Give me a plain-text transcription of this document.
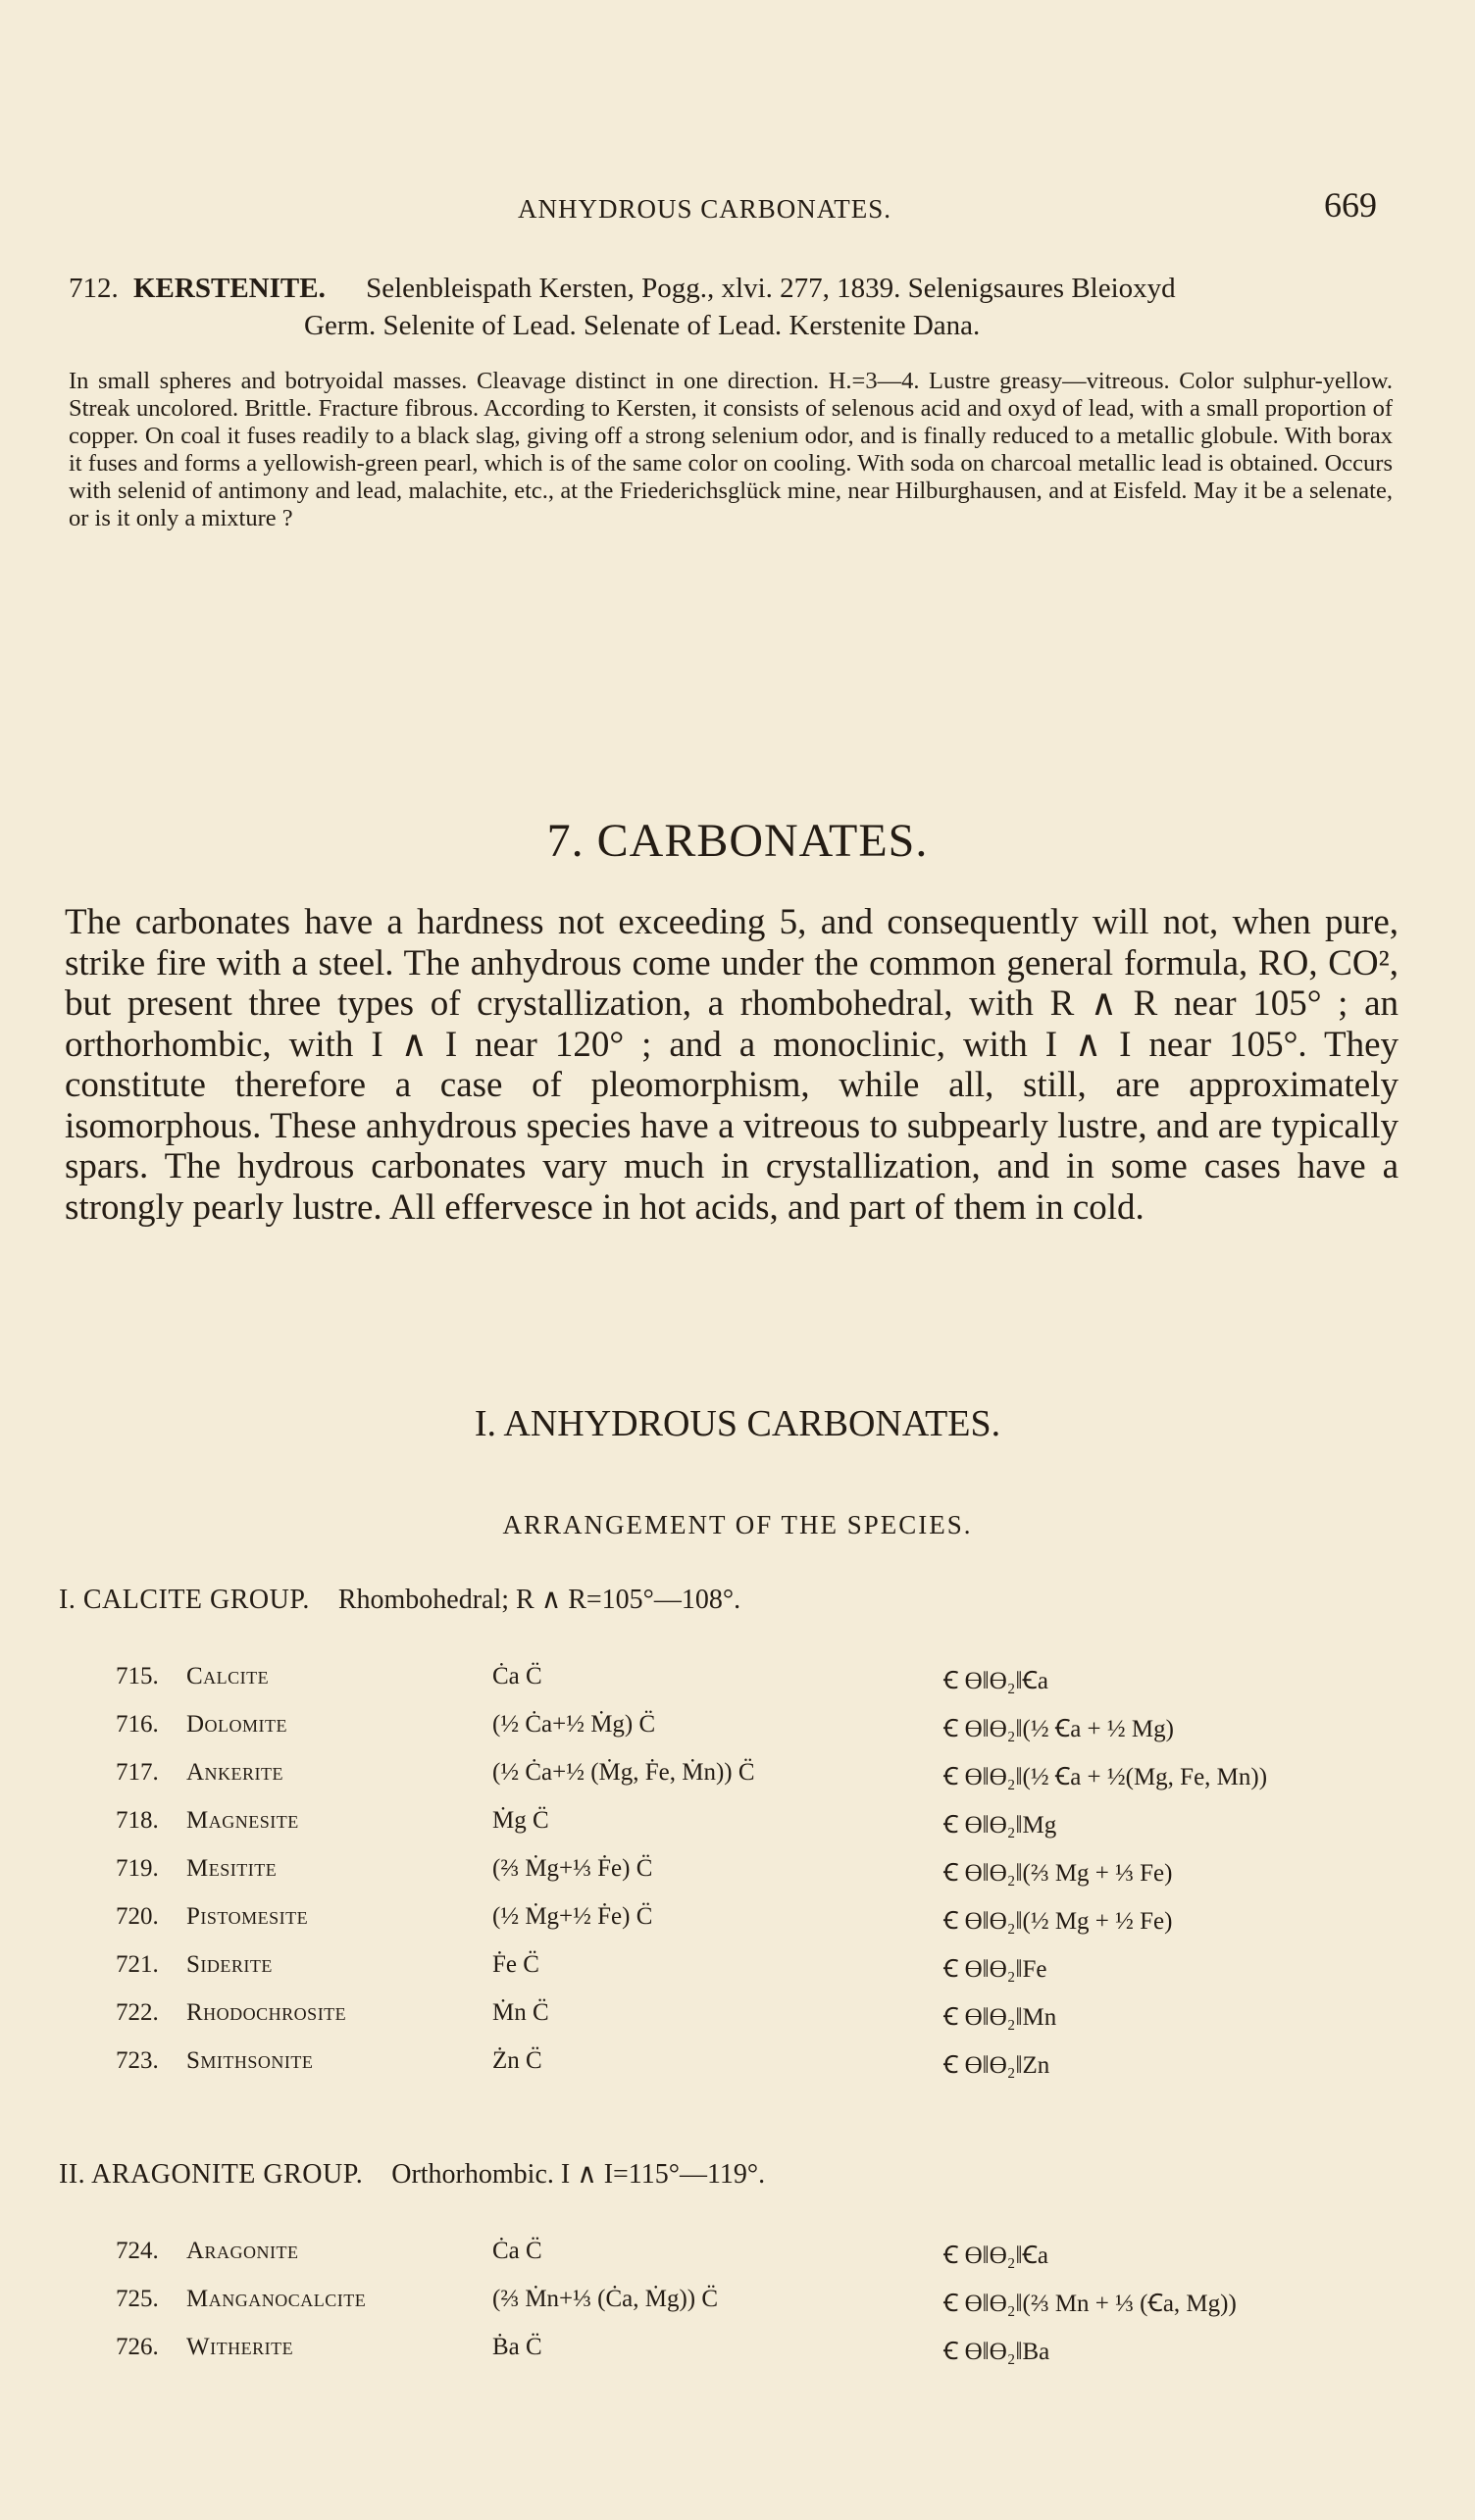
ANHYDROUS CARBONATES.	669
712. KERSTENITE. Selenbleispath Kersten, Pogg., xlvi. 277, 1839. Selenigsaures Bleioxyd
Germ. Selenite of Lead. Selenate of Lead. Kerstenite Dana.
In small spheres and botryoidal masses. Cleavage distinct in one direction. H.=3—4. Lustre greasy—vitreous. Color sulphur-yellow. Streak uncolored. Brittle. Fracture fibrous. According to Kersten, it consists of selenous acid and oxyd of lead, with a small proportion of copper. On coal it fuses readily to a black slag, giving off a strong selenium odor, and is finally reduced to a metallic globule. With borax it fuses and forms a yellowish-green pearl, which is of the same color on cooling. With soda on charcoal metallic lead is obtained. Occurs with selenid of antimony and lead, malachite, etc., at the Friederichsglück mine, near Hilburghausen, and at Eisfeld. May it be a selenate, or is it only a mixture ?
7. CARBONATES.
The carbonates have a hardness not exceeding 5, and consequently will not, when pure, strike fire with a steel. The anhydrous come under the common general formula, RO, CO², but present three types of crystallization, a rhombohedral, with R ∧ R near 105° ; an orthorhombic, with I ∧ I near 120° ; and a monoclinic, with I ∧ I near 105°. They constitute therefore a case of pleomorphism, while all, still, are approximately isomorphous. These anhydrous species have a vitreous to subpearly lustre, and are typically spars. The hydrous carbonates vary much in crystallization, and in some cases have a strongly pearly lustre. All effervesce in hot acids, and part of them in cold.
I. ANHYDROUS CARBONATES.
ARRANGEMENT OF THE SPECIES.
I. CALCITE GROUP. Rhombohedral; R ∧ R=105°—108°.
715. Calcite	Ċa C̈	Ꞓ Ɵ‖Ɵ₂‖Ꞓa
716. Dolomite	(½ Ċa+½ Ṁg) C̈	Ꞓ Ɵ‖Ɵ₂‖(½ Ꞓa + ½ Mg)
717. Ankerite	(½ Ċa+½ (Ṁg, Ḟe, Ṁn)) C̈	Ꞓ Ɵ‖Ɵ₂‖(½ Ꞓa + ½(Mg, Fe, Mn))
718. Magnesite	Ṁg C̈	Ꞓ Ɵ‖Ɵ₂‖Mg
719. Mesitite	(⅔ Ṁg+⅓ Ḟe) C̈	Ꞓ Ɵ‖Ɵ₂‖(⅔ Mg + ⅓ Fe)
720. Pistomesite	(½ Ṁg+½ Ḟe) C̈	Ꞓ Ɵ‖Ɵ₂‖(½ Mg + ½ Fe)
721. Siderite	Ḟe C̈	Ꞓ Ɵ‖Ɵ₂‖Fe
722. Rhodochrosite	Ṁn C̈	Ꞓ Ɵ‖Ɵ₂‖Mn
723. Smithsonite	Żn C̈	Ꞓ Ɵ‖Ɵ₂‖Zn
II. ARAGONITE GROUP. Orthorhombic. I ∧ I=115°—119°.
724. Aragonite	Ċa C̈	Ꞓ Ɵ‖Ɵ₂‖Ꞓa
725. Manganocalcite	(⅔ Ṁn+⅓ (Ċa, Ṁg)) C̈	Ꞓ Ɵ‖Ɵ₂‖(⅔ Mn + ⅓ (Ꞓa, Mg))
726. Witherite	Ḃa C̈	Ꞓ Ɵ‖Ɵ₂‖Ba
